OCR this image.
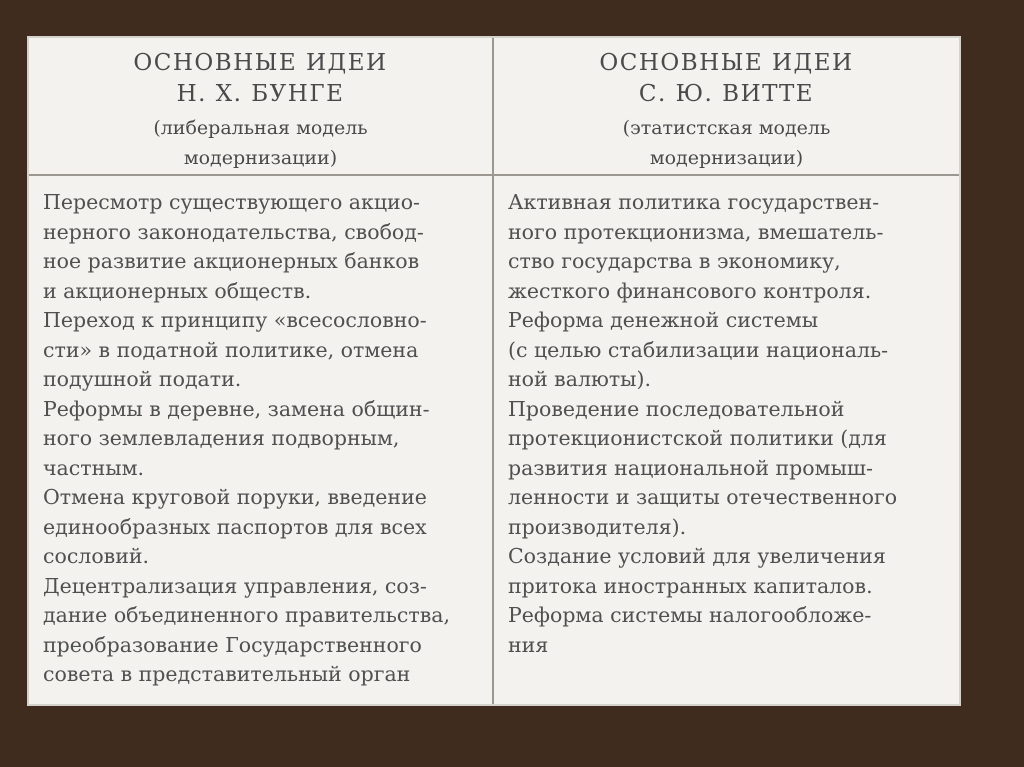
ОСНОВНЫЕ ИДЕИ
Н. Х. БУНГЕ
(либеральная модель
модернизации)
ОСНОВНЫЕ ИДЕИ
С. Ю. ВИТТЕ
(этатистская модель
модернизации)
Пересмотр существующего акцио-
нерного законодательства, свобод-
ное развитие акционерных банков
и акционерных обществ.
Переход к принципу «всесословно-
сти» в податной политике, отмена
подушной подати.
Реформы в деревне, замена общин-
ного землевладения подворным,
частным.
Отмена круговой поруки, введение
единообразных паспортов для всех
сословий.
Децентрализация управления, соз-
дание объединенного правительства,
преобразование Государственного
совета в представительный орган
Активная политика государствен-
ного протекционизма, вмешатель-
ство государства в экономику,
жесткого финансового контроля.
Реформа денежной системы
(с целью стабилизации националь-
ной валюты).
Проведение последовательной
протекционистской политики (для
развития национальной промыш-
ленности и защиты отечественного
производителя).
Создание условий для увеличения
притока иностранных капиталов.
Реформа системы налогообложе-
ния
